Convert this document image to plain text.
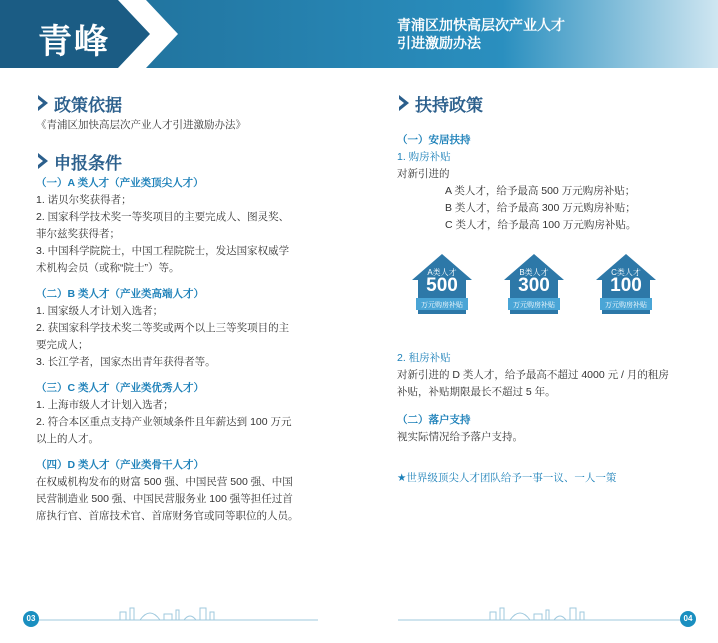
青峰	青浦区加快高层次产业人才
引进激励办法
政策依据

《青浦区加快高层次产业人才引进激励办法》

申报条件

（一）A 类人才（产业类顶尖人才）

1. 诺贝尔奖获得者；

2. 国家科学技术奖一等奖项目的主要完成人、图灵奖、

菲尔兹奖获得者；

3. 中国科学院院士，中国工程院院士，发达国家权威学

术机构会员（或称“院士”）等。

（二）B 类人才（产业类高端人才）

1. 国家级人才计划入选者；

2. 获国家科学技术奖二等奖或两个以上三等奖项目的主

要完成人；

3. 长江学者，国家杰出青年获得者等。

（三）C 类人才（产业类优秀人才）

1. 上海市级人才计划入选者；

2. 符合本区重点支持产业领域条件且年薪达到 100 万元

以上的人才。

（四）D 类人才（产业类骨干人才）

在权威机构发布的财富 500 强、中国民营 500 强、中国

民营制造业 500 强、中国民营服务业 100 强等担任过首

席执行官、首席技术官、首席财务官或同等职位的人员。

扶持政策

（一）安居扶持

1. 购房补贴

对新引进的

A 类人才，给予最高 500 万元购房补贴；

B 类人才，给予最高 300 万元购房补贴；

C 类人才，给予最高 100 万元购房补贴。

A类人才
500
万元购房补贴
B类人才
300
万元购房补贴
C类人才
100
万元购房补贴

2. 租房补贴

对新引进的 D 类人才，给予最高不超过 4000 元 / 月的租房

补贴，补贴期限最长不超过 5 年。

（二）落户支持

视实际情况给予落户支持。

★世界级顶尖人才团队给予一事一议、一人一策

03	04
